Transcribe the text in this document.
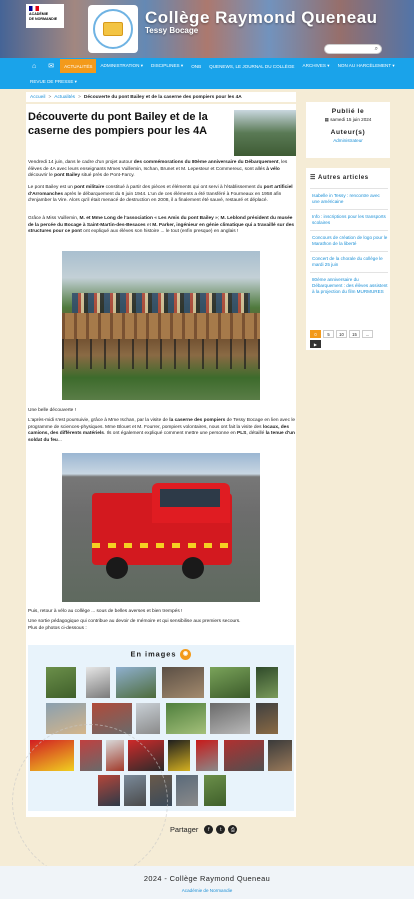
ACADÉMIE
DE NORMANDIE	Collège Raymond Queneau
Tessy Bocage
⌕
⌂	✉	ACTUALITÉS	ADMINISTRATION ▾	DISCIPLINES ▾	ONB	QUENEWS, LE JOURNAL DU COLLÈGE	ARCHIVES ▾	NON AU HARCÈLEMENT ▾
REVUE DE PRESSE ▾
Accueil > Actualités > Découverte du pont Bailey et de la caserne des pompiers pour les 4A
Découverte du pont Bailey et de la caserne des pompiers pour les 4A

Vendredi 14 juin, dans le cadre d'un projet autour des commémorations du 80ème anniversaire du Débarquement, les élèves de 4A avec leurs enseignants Mmes Vuillemin, Ischan, Brunet et M. Lepesteur et Commereuc, sont allés à vélo découvrir le pont Bailey situé près de Pont-Farcy.

Le pont Bailey est un pont militaire constitué à partir des pièces et éléments qui ont servi à l'établissement du port artificiel d'Arromanches après le débarquement du 6 juin 1944. L'un de ces éléments a été transféré à Fourneaux en 1958 afin d'enjamber la Vire. Alors qu'il était menacé de destruction en 2008, il a finalement été sauvé, restauré et déplacé.

Grâce à Miss Vuillemin, M. et Mme Long de l'association « Les Amis du pont Bailey »; M. Leblond président du musée de la percée du Bocage à Saint-Martin-des-Besaces et M. Parker, ingénieur en génie climatique qui a travaillé sur des structures pour ce pont ont expliqué aux élèves son histoire ... le tout (enfin presque) en anglais !

Une belle découverte !

L'après-midi s'est poursuivie, grâce à Mme Ischan, par la visite de la caserne des pompiers de Tessy Bocage en lien avec le programme de sciences-physiques. Mme Blouet et M. Fourrer, pompiers volontaires, nous ont fait la visite des locaux, des camions, des différents matériels. Ils ont également expliqué comment mettre une personne en PLS, détaillé la tenue d'un soldat du feu...

Puis, retour à vélo au collège ... sous de belles averses et bien trempés !

Une sortie pédagogique qui contribue au devoir de mémoire et qui sensibilise aux premiers secours.

Plus de photos ci-dessous :

En images ◉
Partager	f	t	⎙
Publié le
▦ samedi 15 juin 2024
Auteur(s)
Administrateur
☰ Autres articles
Isabelle in Tessy : rencontre avec une américaine
Info : inscriptions pour les transports scolaires
Concours de création de logo pour le Marathon de la liberté
Concert de la chorale du collège le mardi 25 juin
80ème anniversaire du Débarquement : des élèves assistent à la projection du film MURMURES
0	5	10	15	...
▶
2024 - Collège Raymond Queneau
Académie de Normandie
